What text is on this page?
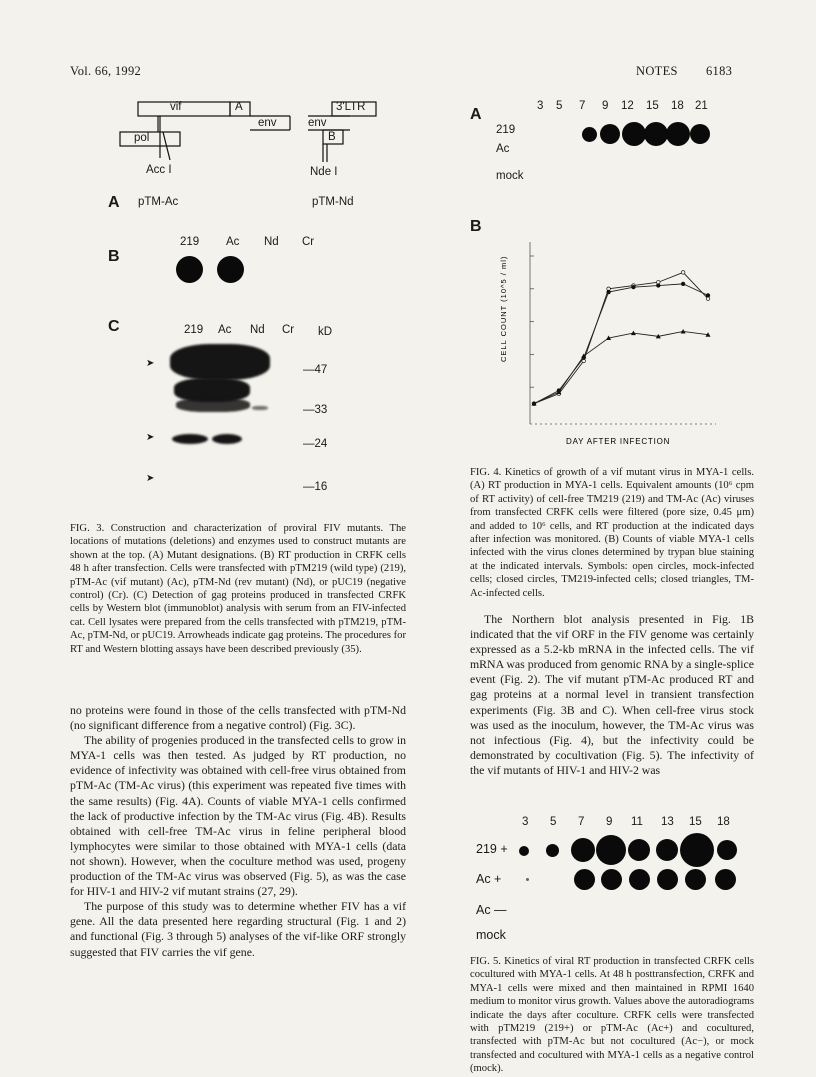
Vol. 66, 1992	NOTES 6183
vif	A
env
pol
Acc I
3'LTR
env
B
Nde I
A pTM-Ac	pTM-Nd
B
219 Ac Nd Cr
C	219 Ac Nd Cr kD
➤
➤
➤
—47
—33
—24
—16
FIG. 3. Construction and characterization of proviral FIV mutants. The locations of mutations (deletions) and enzymes used to construct mutants are shown at the top. (A) Mutant designations. (B) RT production in CRFK cells 48 h after transfection. Cells were transfected with pTM219 (wild type) (219), pTM-Ac (vif mutant) (Ac), pTM-Nd (rev mutant) (Nd), or pUC19 (negative control) (Cr). (C) Detection of gag proteins produced in transfected CRFK cells by Western blot (immunoblot) analysis with serum from an FIV-infected cat. Cell lysates were prepared from the cells transfected with pTM219, pTM-Ac, pTM-Nd, or pUC19. Arrowheads indicate gag proteins. The procedures for RT and Western blotting assays have been described previously (35).

no proteins were found in those of the cells transfected with pTM-Nd (no significant difference from a negative control) (Fig. 3C).

The ability of progenies produced in the transfected cells to grow in MYA-1 cells was then tested. As judged by RT production, no evidence of infectivity was obtained with cell-free virus obtained from pTM-Ac (TM-Ac virus) (this experiment was repeated five times with the same results) (Fig. 4A). Counts of viable MYA-1 cells confirmed the lack of productive infection by the TM-Ac virus (Fig. 4B). Results obtained with cell-free TM-Ac virus in feline peripheral blood lymphocytes were similar to those obtained with MYA-1 cells (data not shown). However, when the coculture method was used, progeny production of the TM-Ac virus was observed (Fig. 5), as was the case for HIV-1 and HIV-2 vif mutant strains (27, 29).

The purpose of this study was to determine whether FIV has a vif gene. All the data presented here regarding structural (Fig. 1 and 2) and functional (Fig. 3 through 5) analyses of the vif-like ORF strongly suggested that FIV carries the vif gene.

A	3 5 7 9 12 15 18 21
219
Ac
mock
B
CELL COUNT (10^5 / ml)
DAY AFTER INFECTION
FIG. 4. Kinetics of growth of a vif mutant virus in MYA-1 cells. (A) RT production in MYA-1 cells. Equivalent amounts (10⁶ cpm of RT activity) of cell-free TM219 (219) and TM-Ac (Ac) viruses from transfected CRFK cells were filtered (pore size, 0.45 μm) and added to 10⁶ cells, and RT production at the indicated days after infection was monitored. (B) Counts of viable MYA-1 cells infected with the virus clones determined by trypan blue staining at the indicated intervals. Symbols: open circles, mock-infected cells; closed circles, TM219-infected cells; closed triangles, TM-Ac-infected cells.

The Northern blot analysis presented in Fig. 1B indicated that the vif ORF in the FIV genome was certainly expressed as a 5.2-kb mRNA in the infected cells. The vif mRNA was produced from genomic RNA by a single-splice event (Fig. 2). The vif mutant pTM-Ac produced RT and gag proteins at a normal level in transient transfection experiments (Fig. 3B and C). When cell-free virus stock was used as the inoculum, however, the TM-Ac virus was not infectious (Fig. 4), but the infectivity could be demonstrated by cocultivation (Fig. 5). The infectivity of the vif mutants of HIV-1 and HIV-2 was

3 5 7 9 11 13 15 18
219 +
Ac +
Ac —
mock
FIG. 5. Kinetics of viral RT production in transfected CRFK cells cocultured with MYA-1 cells. At 48 h posttransfection, CRFK and MYA-1 cells were mixed and then maintained in RPMI 1640 medium to monitor virus growth. Values above the autoradiograms indicate the days after coculture. CRFK cells were transfected with pTM219 (219+) or pTM-Ac (Ac+) and cocultured, transfected with pTM-Ac but not cocultured (Ac−), or mock transfected and cocultured with MYA-1 cells as a negative control (mock).
